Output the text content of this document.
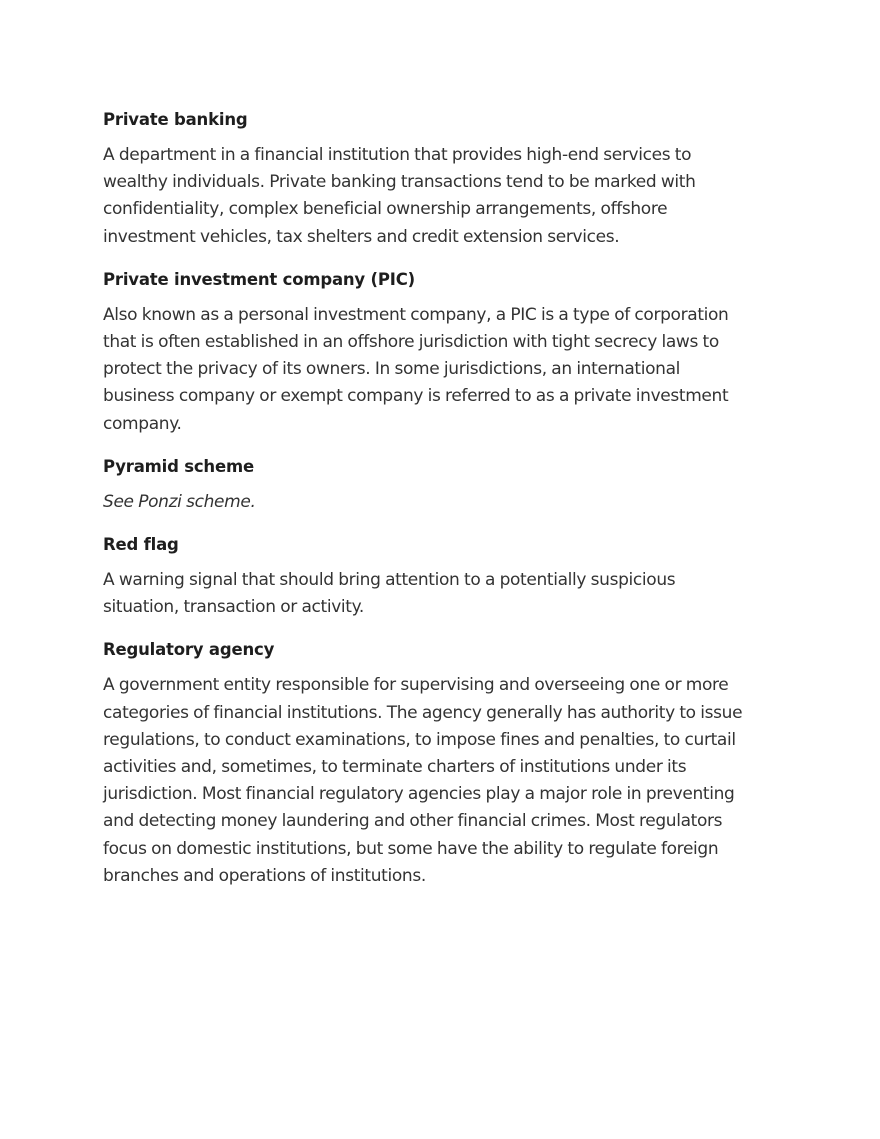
Private banking

A department in a financial institution that provides high-end services to wealthy individuals. Private banking transactions tend to be marked with confidentiality, complex beneficial ownership arrangements, offshore investment vehicles, tax shelters and credit extension services.

Private investment company (PIC)

Also known as a personal investment company, a PIC is a type of corporation that is often established in an offshore jurisdiction with tight secrecy laws to protect the privacy of its owners. In some jurisdictions, an international business company or exempt company is referred to as a private investment company.

Pyramid scheme

See Ponzi scheme.

Red flag

A warning signal that should bring attention to a potentially suspicious situation, transaction or activity.

Regulatory agency

A government entity responsible for supervising and overseeing one or more categories of financial institutions. The agency generally has authority to issue regulations, to conduct examinations, to impose fines and penalties, to curtail activities and, sometimes, to terminate charters of institutions under its jurisdiction. Most financial regulatory agencies play a major role in preventing and detecting money laundering and other financial crimes. Most regulators focus on domestic institutions, but some have the ability to regulate foreign branches and operations of institutions.
